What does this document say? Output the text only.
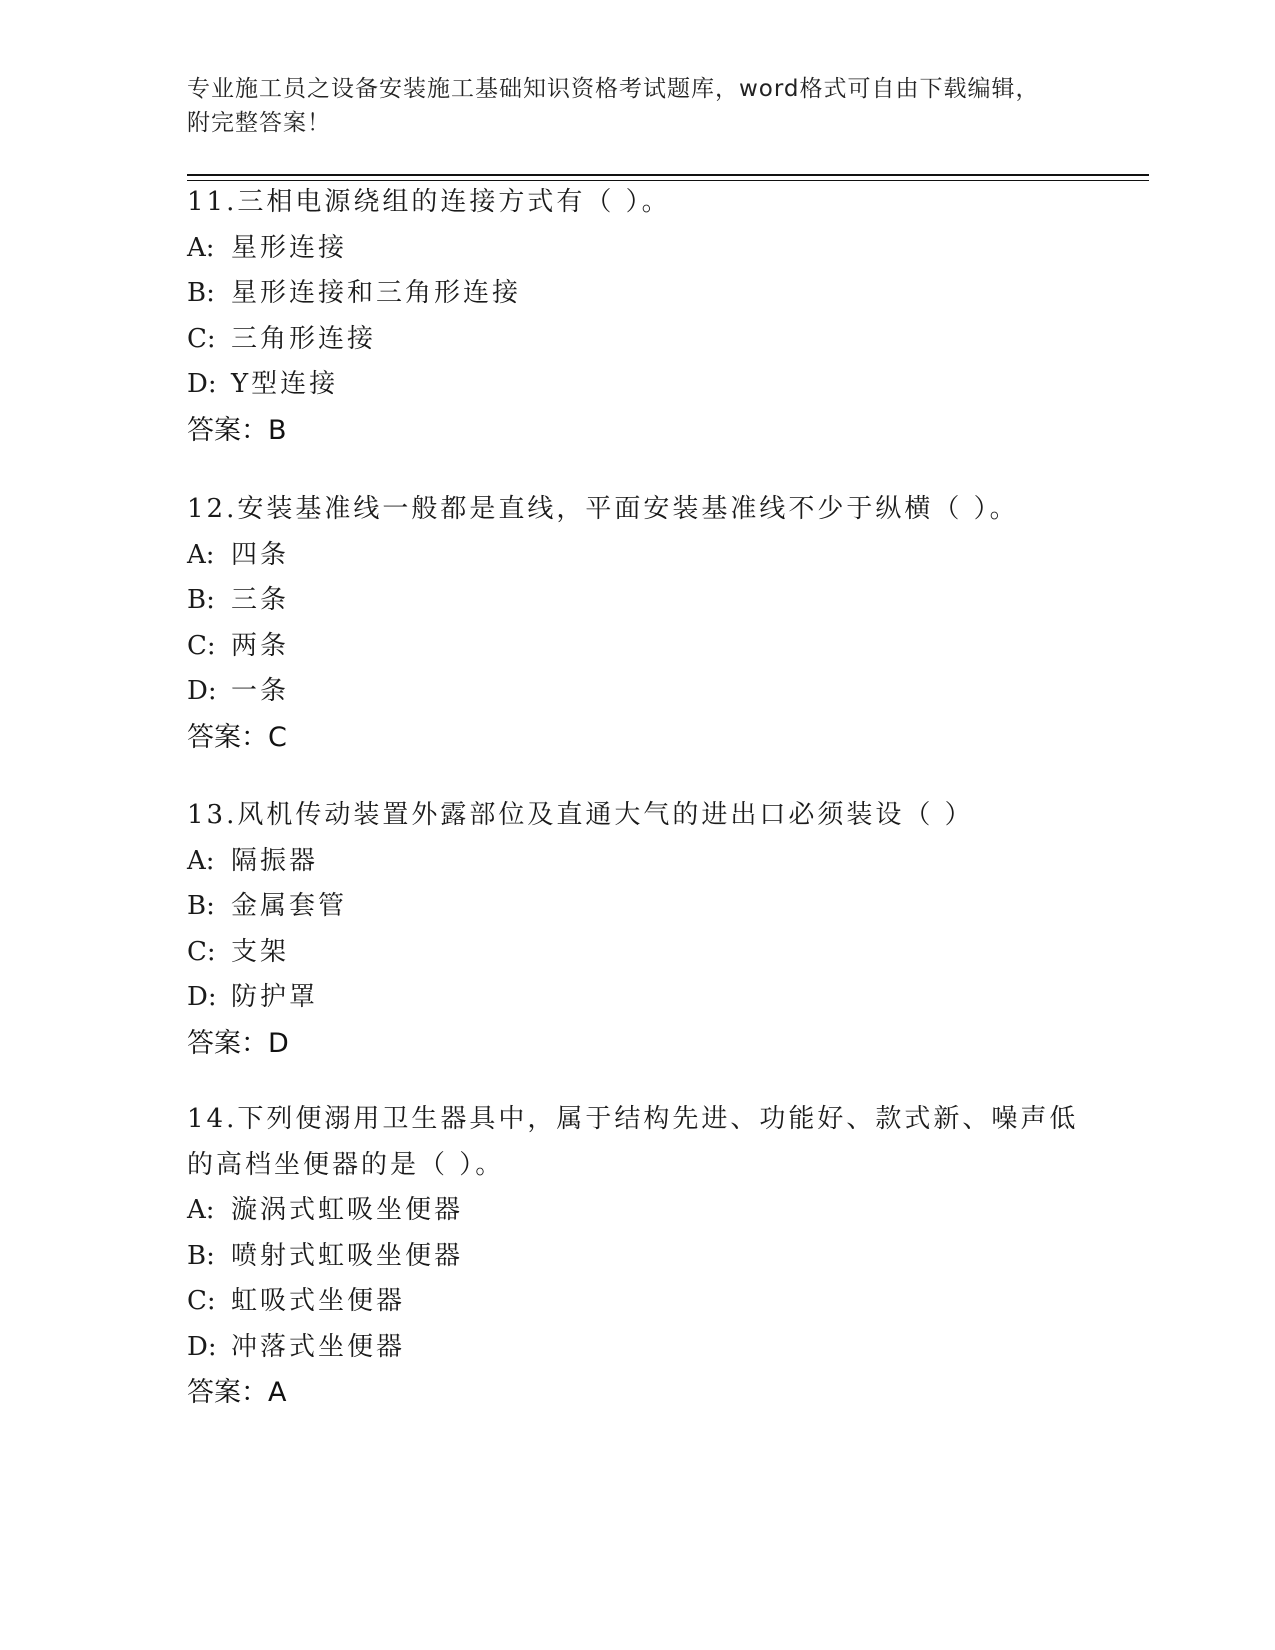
专业施工员之设备安装施工基础知识资格考试题库，word格式可自由下载编辑，
附完整答案！
11.三相电源绕组的连接方式有（ ）。
A: 星形连接
B: 星形连接和三角形连接
C: 三角形连接
D: Y型连接
答案：B
12.安装基准线一般都是直线，平面安装基准线不少于纵横（ ）。
A: 四条
B: 三条
C: 两条
D: 一条
答案：C
13.风机传动装置外露部位及直通大气的进出口必须装设（ ）
A: 隔振器
B: 金属套管
C: 支架
D: 防护罩
答案：D
14.下列便溺用卫生器具中，属于结构先进、功能好、款式新、噪声低
的高档坐便器的是（ ）。
A: 漩涡式虹吸坐便器
B: 喷射式虹吸坐便器
C: 虹吸式坐便器
D: 冲落式坐便器
答案：A
